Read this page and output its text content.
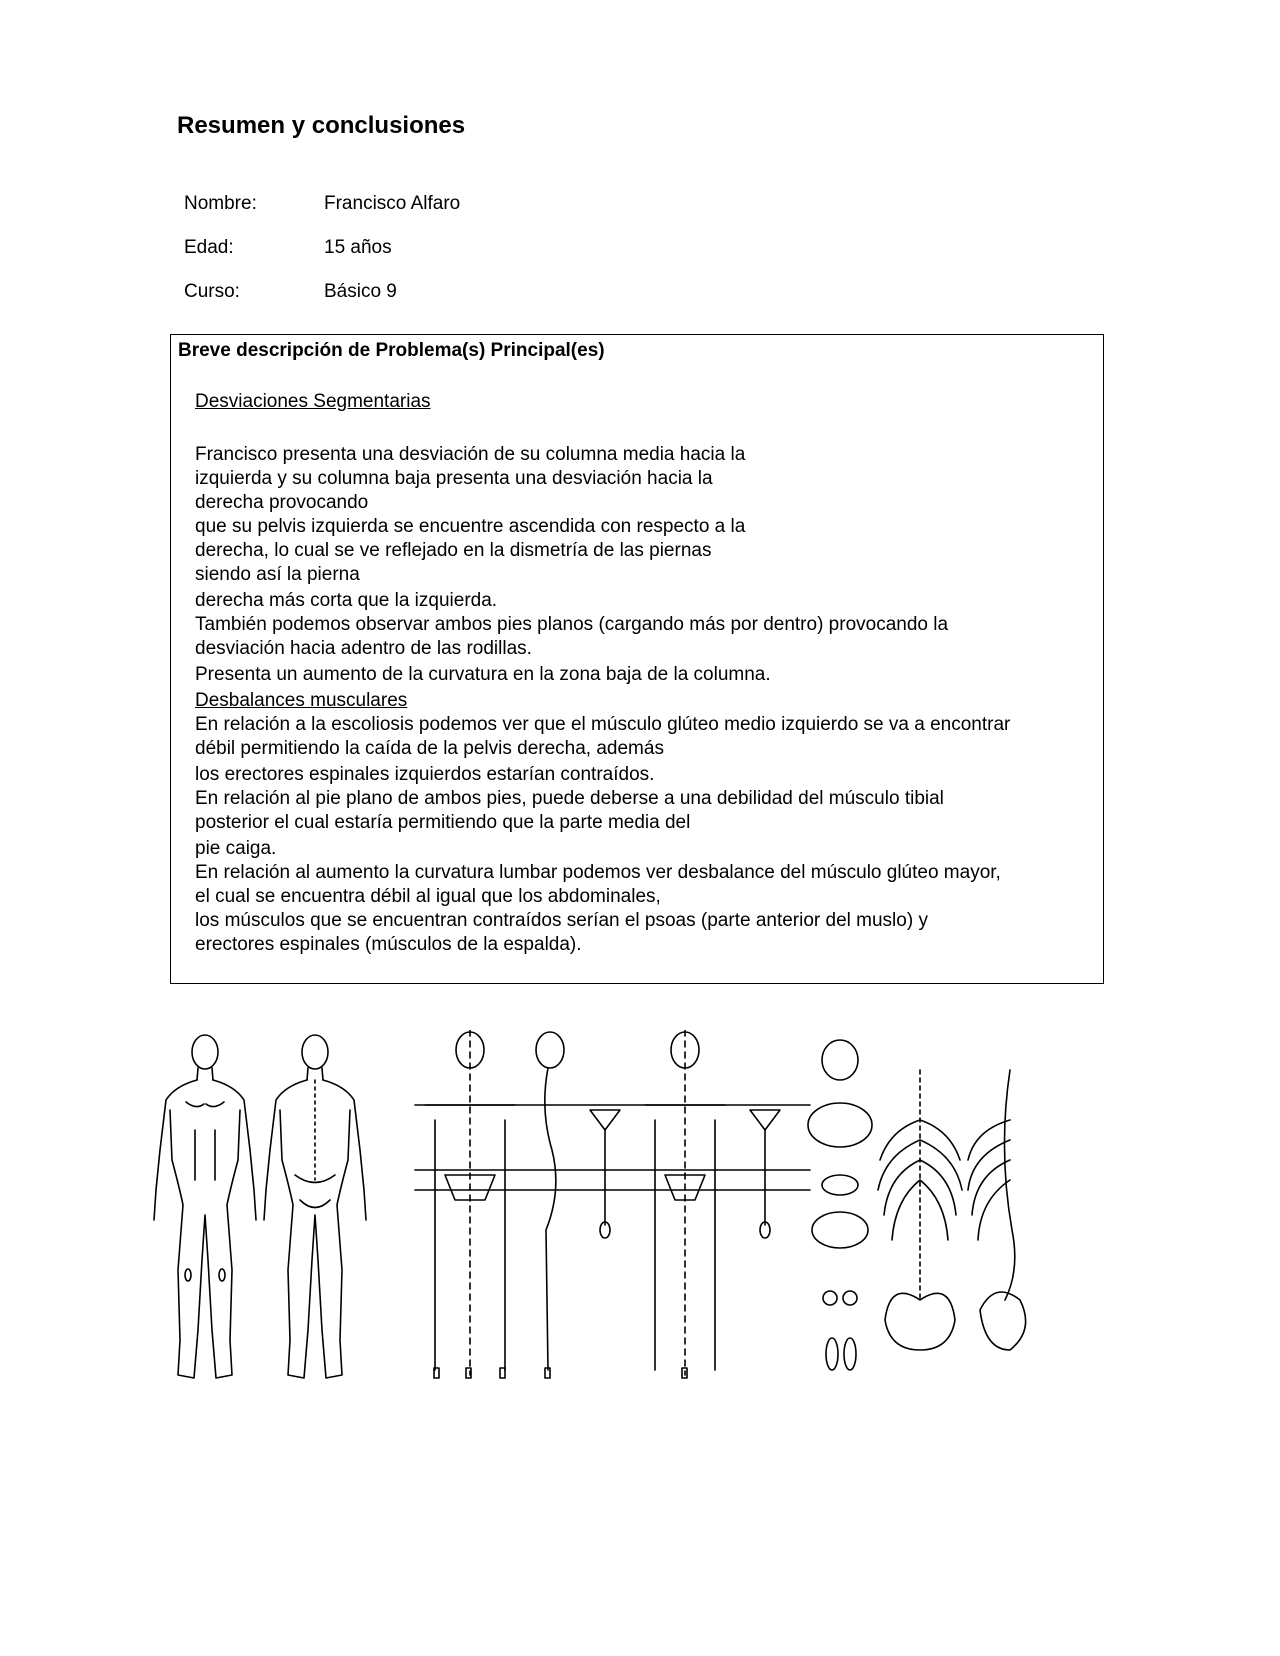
Resumen y conclusiones
Nombre:	Francisco Alfaro
Edad:	15 años
Curso:	Básico 9
Breve descripción de Problema(s) Principal(es)
Desviaciones Segmentarias
Francisco presenta una desviación de su columna media hacia la
izquierda y su columna baja presenta una desviación hacia la
derecha provocando
que su pelvis izquierda se encuentre ascendida con respecto a la
derecha, lo cual se ve reflejado en la dismetría de las piernas
siendo así la pierna
derecha más corta que la izquierda.
También podemos observar ambos pies planos (cargando más por dentro) provocando la
desviación hacia adentro de las rodillas.
Presenta un aumento de la curvatura en la zona baja de la columna.
Desbalances musculares
En relación a la escoliosis podemos ver que el músculo glúteo medio izquierdo se va a encontrar
débil permitiendo la caída de la pelvis derecha, además
los erectores espinales izquierdos estarían contraídos.
En relación al pie plano de ambos pies, puede deberse a una debilidad del músculo tibial
posterior el cual estaría permitiendo que la parte media del
pie caiga.
En relación al aumento la curvatura lumbar podemos ver desbalance del músculo glúteo mayor,
el cual se encuentra débil al igual que los abdominales,
los músculos que se encuentran contraídos serían el psoas (parte anterior del muslo) y
erectores espinales (músculos de la espalda).
